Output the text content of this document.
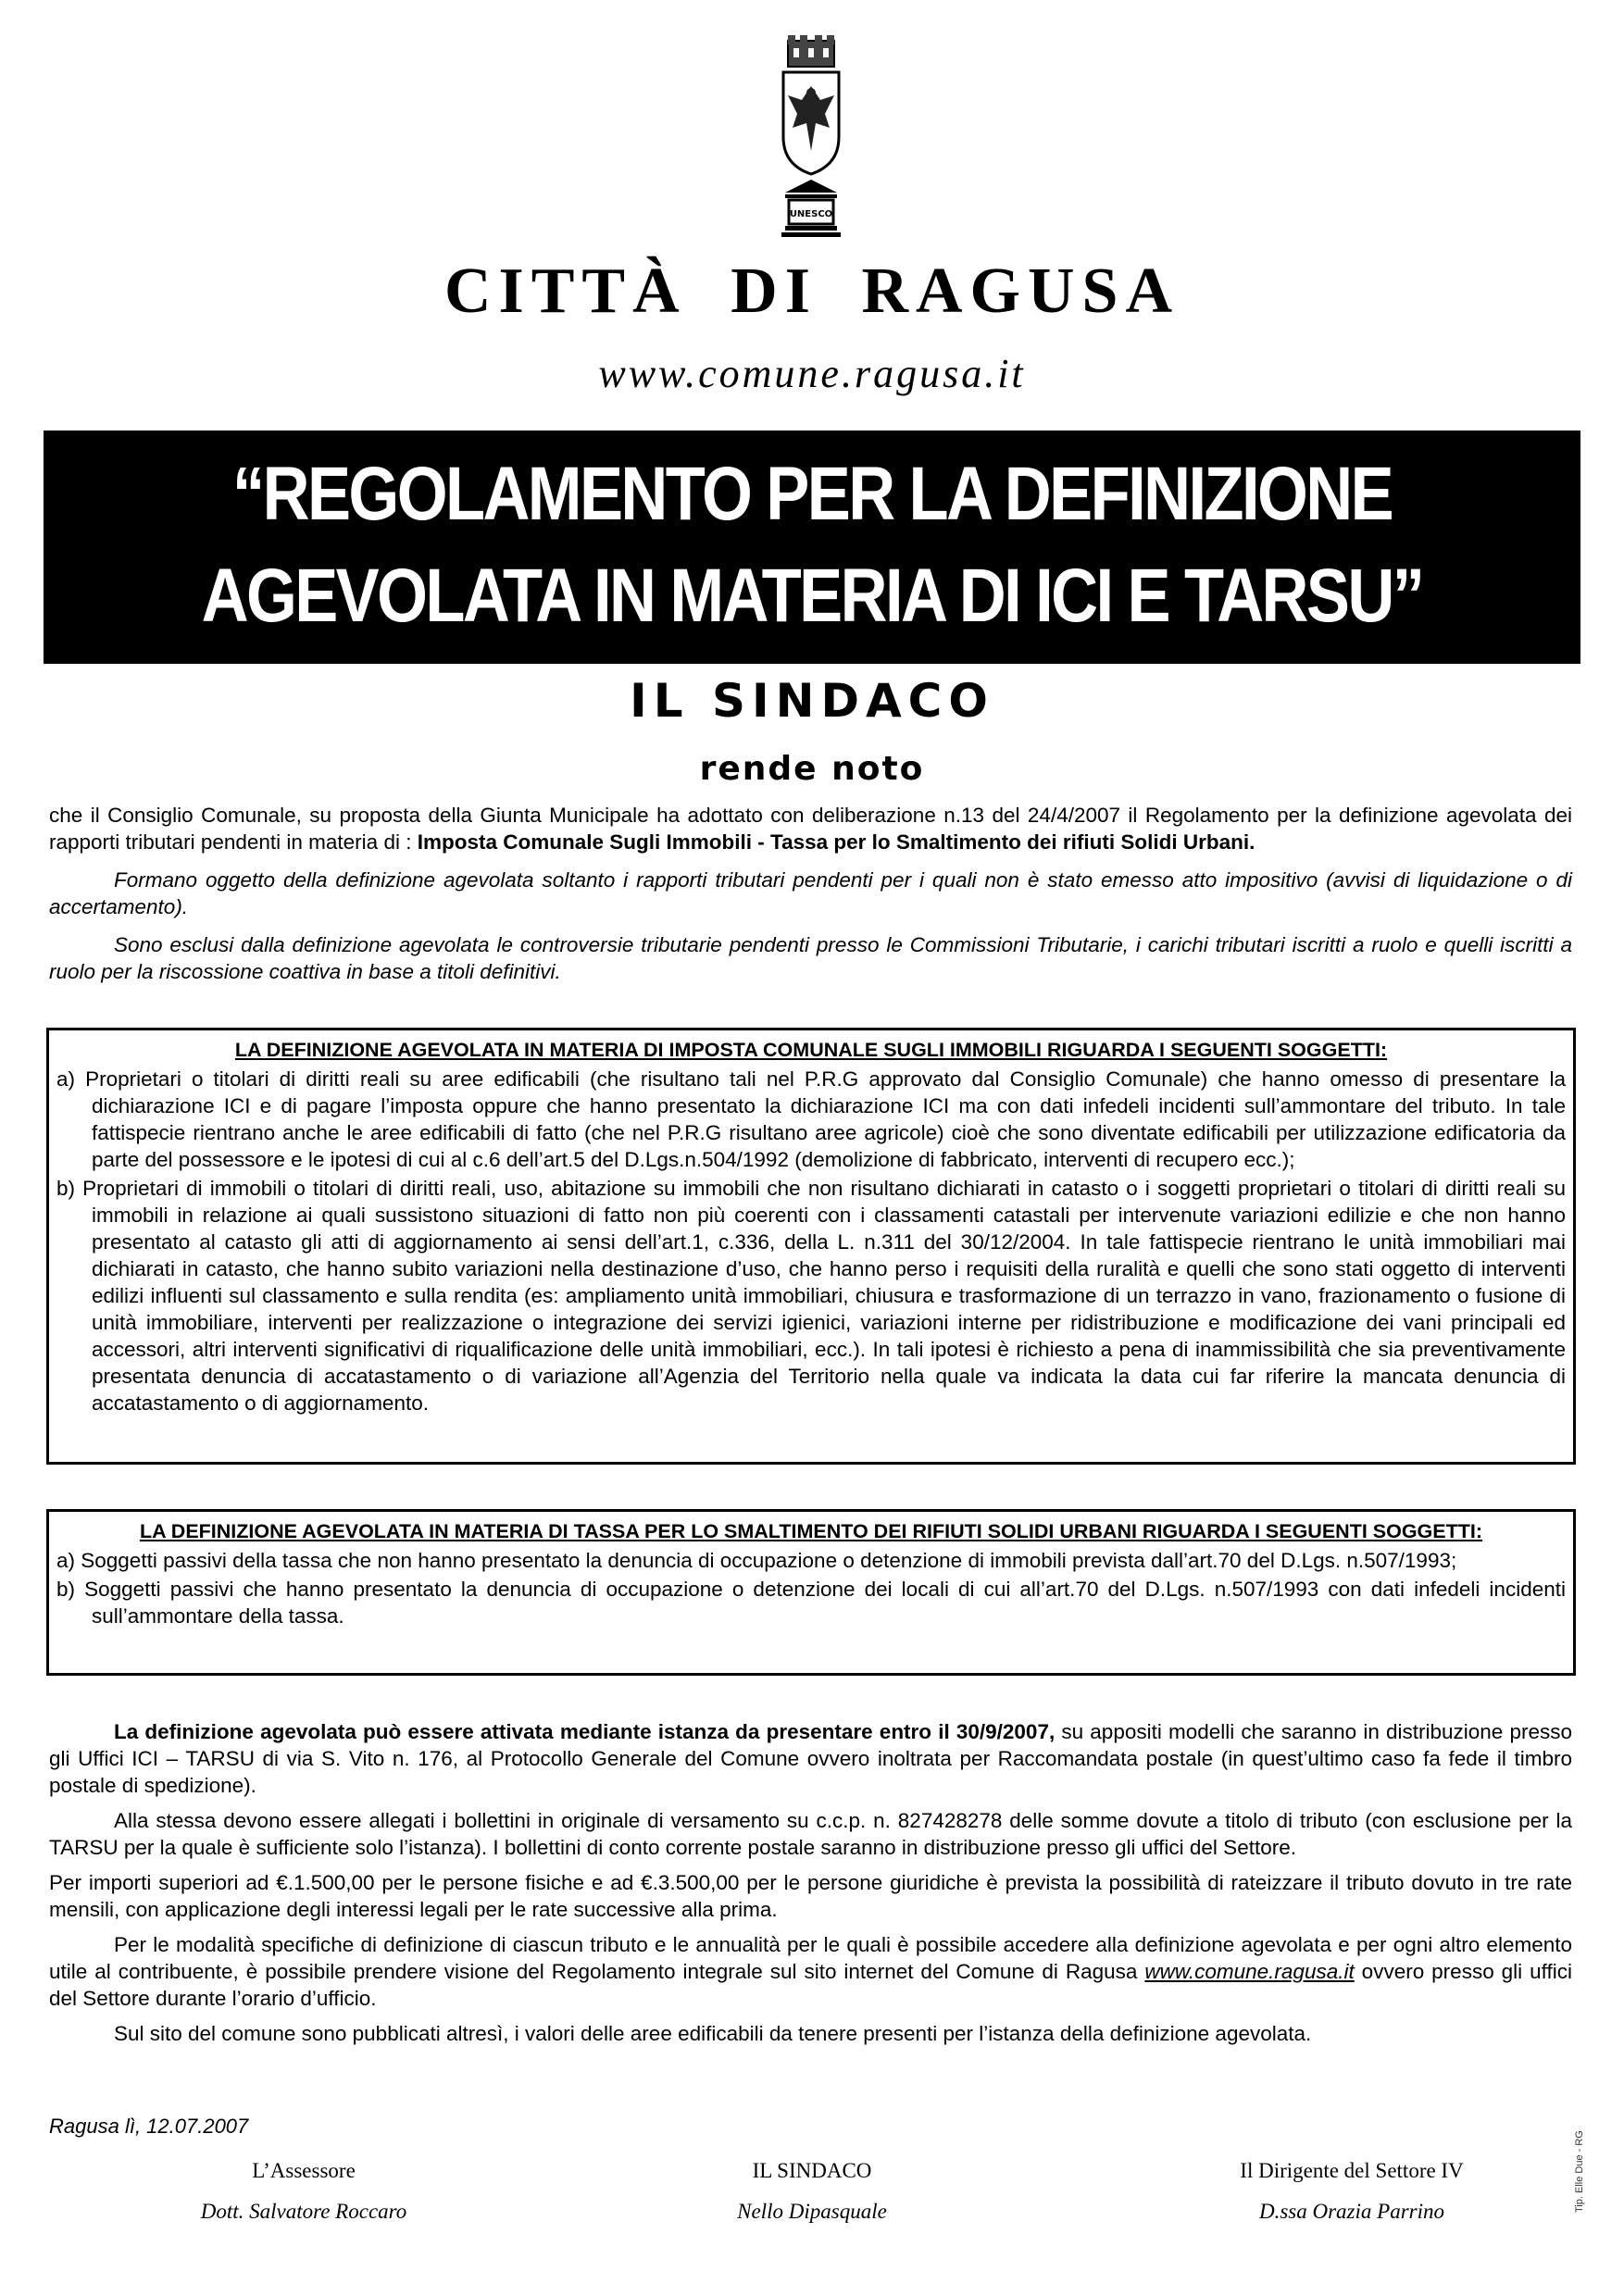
UNESCO
CITTÀ DI RAGUSA
www.comune.ragusa.it
“REGOLAMENTO PER LA DEFINIZIONE
AGEVOLATA IN MATERIA DI ICI E TARSU”
IL SINDACO
rende noto
che il Consiglio Comunale, su proposta della Giunta Municipale ha adottato con deliberazione n.13 del 24/4/2007 il Regolamento per la definizione agevolata dei rapporti tributari pendenti in materia di : Imposta Comunale Sugli Immobili - Tassa per lo Smaltimento dei rifiuti Solidi Urbani.
Formano oggetto della definizione agevolata soltanto i rapporti tributari pendenti per i quali non è stato emesso atto impositivo (avvisi di liquidazione o di accertamento).
Sono esclusi dalla definizione agevolata le controversie tributarie pendenti presso le Commissioni Tributarie, i carichi tributari iscritti a ruolo e quelli iscritti a ruolo per la riscossione coattiva in base a titoli definitivi.
LA DEFINIZIONE AGEVOLATA IN MATERIA DI IMPOSTA COMUNALE SUGLI IMMOBILI RIGUARDA I SEGUENTI SOGGETTI:
a) Proprietari o titolari di diritti reali su aree edificabili (che risultano tali nel P.R.G approvato dal Consiglio Comunale) che hanno omesso di presentare la dichiarazione ICI e di pagare l’imposta oppure che hanno presentato la dichiarazione ICI ma con dati infedeli incidenti sull’ammontare del tributo. In tale fattispecie rientrano anche le aree edificabili di fatto (che nel P.R.G risultano aree agricole) cioè che sono diventate edificabili per utilizzazione edificatoria da parte del possessore e le ipotesi di cui al c.6 dell’art.5 del D.Lgs.n.504/1992 (demolizione di fabbricato, interventi di recupero ecc.);
b) Proprietari di immobili o titolari di diritti reali, uso, abitazione su immobili che non risultano dichiarati in catasto o i soggetti proprietari o titolari di diritti reali su immobili in relazione ai quali sussistono situazioni di fatto non più coerenti con i classamenti catastali per intervenute variazioni edilizie e che non hanno presentato al catasto gli atti di aggiornamento ai sensi dell’art.1, c.336, della L. n.311 del 30/12/2004. In tale fattispecie rientrano le unità immobiliari mai dichiarati in catasto, che hanno subito variazioni nella destinazione d’uso, che hanno perso i requisiti della ruralità e quelli che sono stati oggetto di interventi edilizi influenti sul classamento e sulla rendita (es: ampliamento unità immobiliari, chiusura e trasformazione di un terrazzo in vano, frazionamento o fusione di unità immobiliare, interventi per realizzazione o integrazione dei servizi igienici, variazioni interne per ridistribuzione e modificazione dei vani principali ed accessori, altri interventi significativi di riqualificazione delle unità immobiliari, ecc.). In tali ipotesi è richiesto a pena di inammissibilità che sia preventivamente presentata denuncia di accatastamento o di variazione all’Agenzia del Territorio nella quale va indicata la data cui far riferire la mancata denuncia di accatastamento o di aggiornamento.
LA DEFINIZIONE AGEVOLATA IN MATERIA DI TASSA PER LO SMALTIMENTO DEI RIFIUTI SOLIDI URBANI RIGUARDA I SEGUENTI SOGGETTI:
a) Soggetti passivi della tassa che non hanno presentato la denuncia di occupazione o detenzione di immobili prevista dall’art.70 del D.Lgs. n.507/1993;
b) Soggetti passivi che hanno presentato la denuncia di occupazione o detenzione dei locali di cui all’art.70 del D.Lgs. n.507/1993 con dati infedeli incidenti sull’ammontare della tassa.

La definizione agevolata può essere attivata mediante istanza da presentare entro il 30/9/2007, su appositi modelli che saranno in distribuzione presso gli Uffici ICI – TARSU di via S. Vito n. 176, al Protocollo Generale del Comune ovvero inoltrata per Raccomandata postale (in quest’ultimo caso fa fede il timbro postale di spedizione).

Alla stessa devono essere allegati i bollettini in originale di versamento su c.c.p. n. 827428278 delle somme dovute a titolo di tributo (con esclusione per la TARSU per la quale è sufficiente solo l’istanza). I bollettini di conto corrente postale saranno in distribuzione presso gli uffici del Settore.

Per importi superiori ad €.1.500,00 per le persone fisiche e ad €.3.500,00 per le persone giuridiche è prevista la possibilità di rateizzare il tributo dovuto in tre rate mensili, con applicazione degli interessi legali per le rate successive alla prima.

Per le modalità specifiche di definizione di ciascun tributo e le annualità per le quali è possibile accedere alla definizione agevolata e per ogni altro elemento utile al contribuente, è possibile prendere visione del Regolamento integrale sul sito internet del Comune di Ragusa www.comune.ragusa.it ovvero presso gli uffici del Settore durante l’orario d’ufficio.

Sul sito del comune sono pubblicati altresì, i valori delle aree edificabili da tenere presenti per l’istanza della definizione agevolata.

Ragusa lì, 12.07.2007
L’Assessore
Dott. Salvatore Roccaro
IL SINDACO
Nello Dipasquale
Il Dirigente del Settore IV
D.ssa Orazia Parrino	Tip. Elle Due - RG
